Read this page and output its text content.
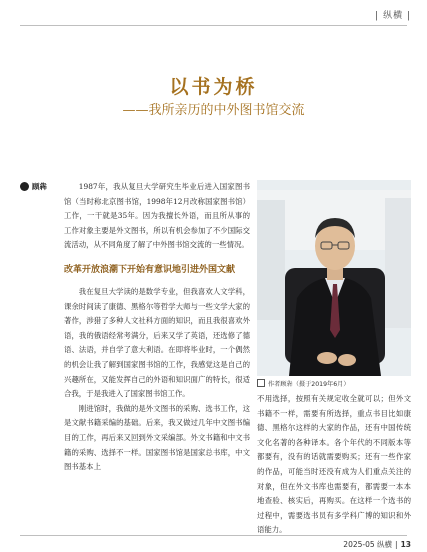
| 纵横 |
以书为桥
——我所亲历的中外图书馆交流
顾犇	1987年，我从复旦大学研究生毕业后进入国家图书馆（当时称北京图书馆，1998年12月改称国家图书馆）工作，一干就是35年。因为我擅长外语，而且所从事的工作对象主要是外文图书，所以有机会参加了不少国际交流活动，从不同角度了解了中外图书馆交流的一些情况。

改革开放浪潮下开始有意识地引进外国文献

我在复旦大学读的是数学专业，但我喜欢人文学科，课余时间读了康德、黑格尔等哲学大师与一些文学大家的著作，涉猎了多种人文社科方面的知识，而且我很喜欢外语，我的俄语经常考满分，后来又学了英语，还选修了德语、法语，并自学了意大利语。在即将毕业时，一个偶然的机会让我了解到国家图书馆的工作，我感觉这是自己的兴趣所在，又能发挥自己的外语和知识面广的特长，很适合我，于是我进入了国家图书馆工作。

刚进馆时，我做的是外文图书的采购、选书工作，这是文献书籍采编的基础。后来，我又做过几年中文图书编目的工作，再后来又回到外文采编部。外文书籍和中文书籍的采购、选择不一样。国家图书馆是国家总书库，中文图书基本上

作者顾犇（摄于2019年6月）

不用选择，按照有关规定收全就可以；但外文书籍不一样，需要有所选择，重点书目比如康德、黑格尔这样的大家的作品，还有中国传统文化名著的各种译本。各个年代的不同版本等都要有，没有的话就需要购买；还有一些作家的作品，可能当时还没有成为人们重点关注的对象，但在外文书库也需要有，都需要一本本地查验、核实后，再购买。在这样一个选书的过程中，需要选书员有多学科广博的知识和外语能力。

2025-05 纵横 | 13
